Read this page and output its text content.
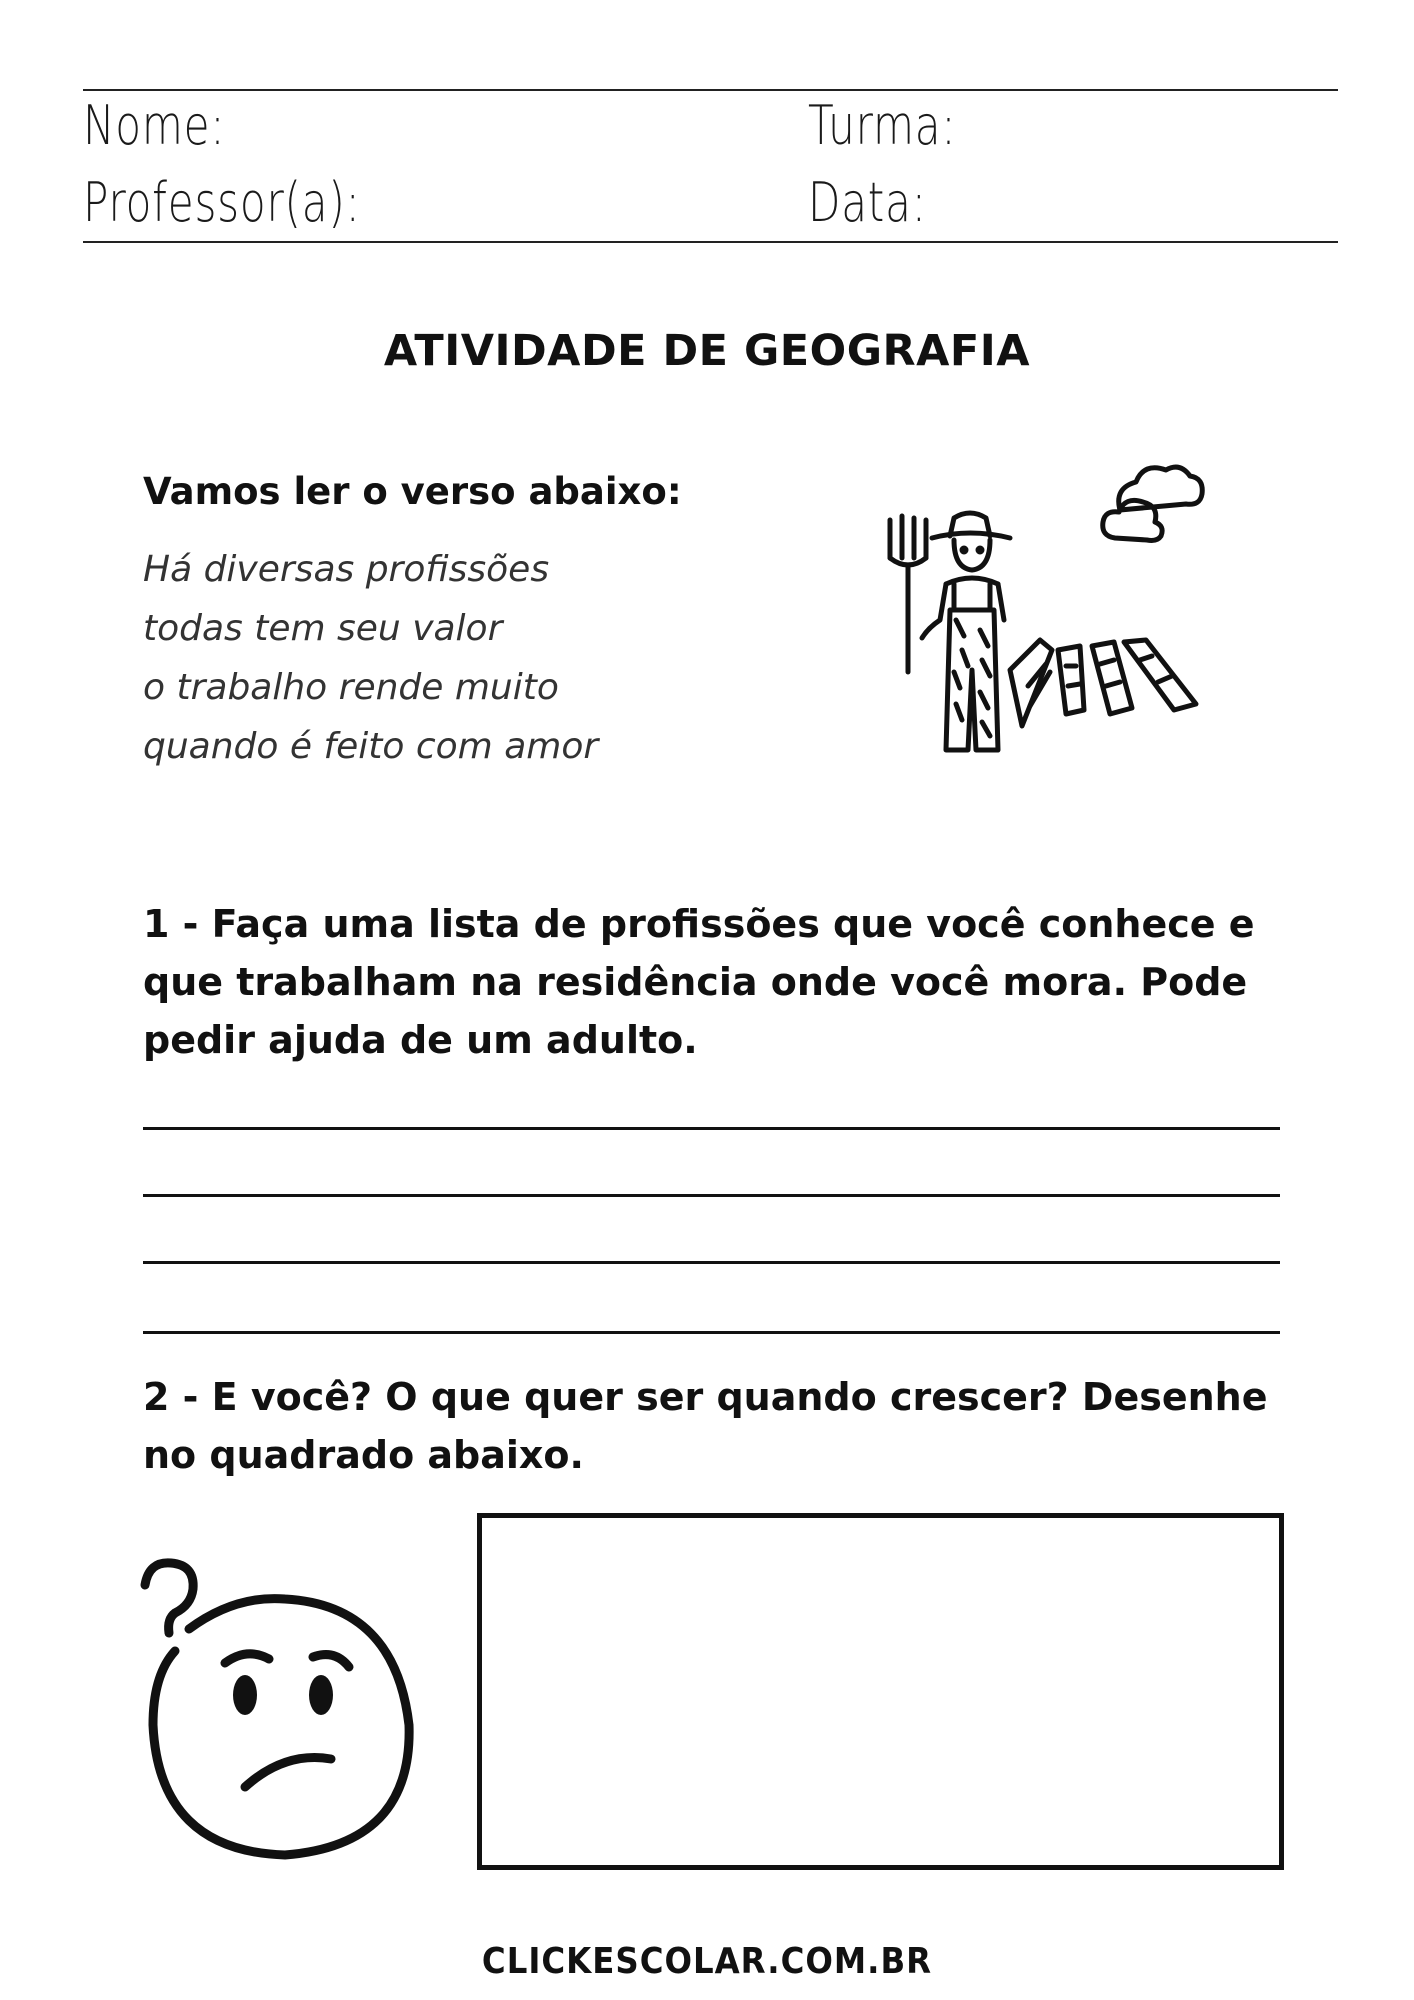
Nome:	Turma:
Professor(a):	Data:
ATIVIDADE DE GEOGRAFIA
Vamos ler o verso abaixo:
Há diversas profissões
todas tem seu valor
o trabalho rende muito
quando é feito com amor
1 - Faça uma lista de profissões que você conhece e que trabalham na residência onde você mora. Pode pedir ajuda de um adulto.
2 - E você? O que quer ser quando crescer? Desenhe no quadrado abaixo.
CLICKESCOLAR.COM.BR
